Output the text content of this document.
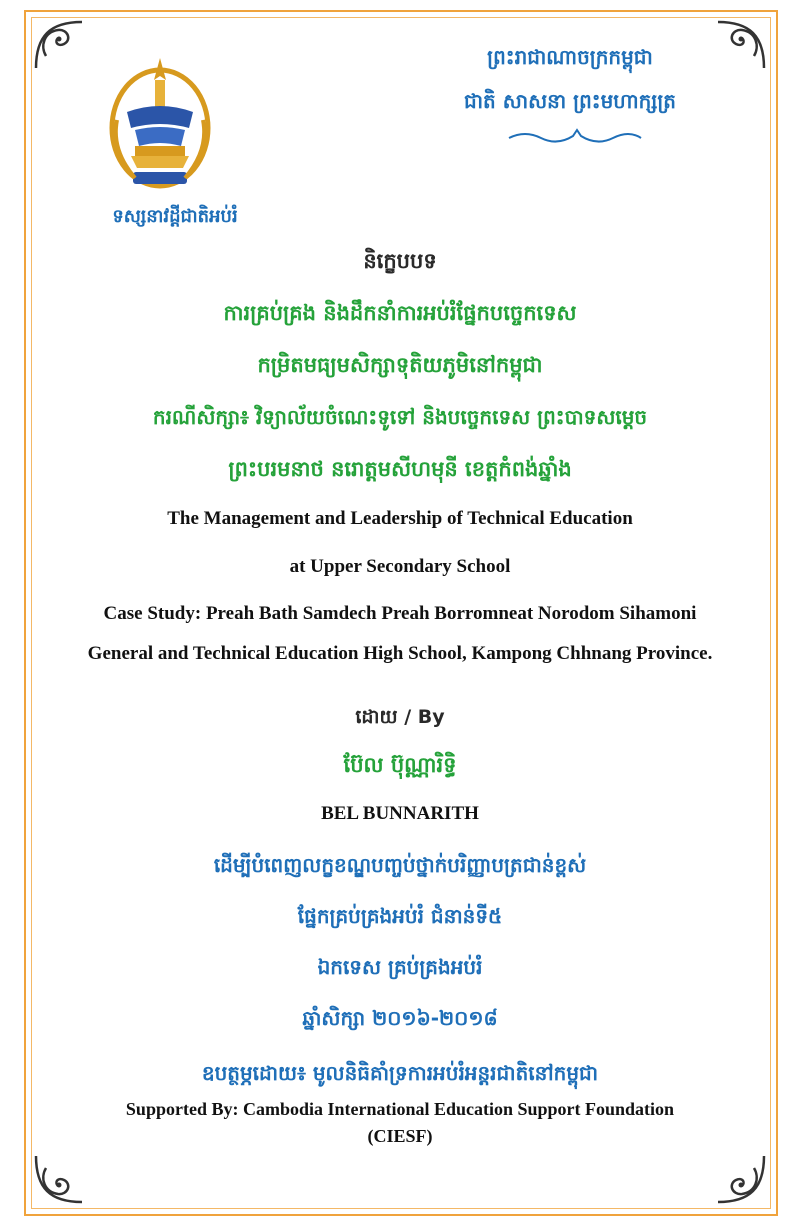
ព្រះរាជាណាចក្រកម្ពុជា
ជាតិ សាសនា ព្រះមហាក្សត្រ
ទស្សនាវដ្តីជាតិអប់រំ
និក្ខេបបទ
ការគ្រប់គ្រង និងដឹកនាំការអប់រំផ្នែកបច្ចេកទេស
កម្រិតមធ្យមសិក្សាទុតិយភូមិនៅកម្ពុជា
ករណីសិក្សា៖ វិទ្យាល័យចំណេះទូទៅ និងបច្ចេកទេស ព្រះបាទសម្តេច
ព្រះបរមនាថ នរោត្តមសីហមុនី ខេត្តកំពង់ឆ្នាំង
The Management and Leadership of Technical Education
at Upper Secondary School
Case Study: Preah Bath Samdech Preah Borromneat Norodom Sihamoni
General and Technical Education High School, Kampong Chhnang Province.
ដោយ / By
ប៊ែល ប៊ុណ្ណារិទ្ធិ
BEL BUNNARITH
ដើម្បីបំពេញលក្ខខណ្ឌបញ្ចប់ថ្នាក់បរិញ្ញាបត្រជាន់ខ្ពស់
ផ្នែកគ្រប់គ្រងអប់រំ ជំនាន់ទី៥
ឯកទេស គ្រប់គ្រងអប់រំ
ឆ្នាំសិក្សា ២០១៦-២០១៨
ឧបត្ថម្ភដោយ៖ មូលនិធិគាំទ្រការអប់រំអន្តរជាតិនៅកម្ពុជា
Supported By: Cambodia International Education Support Foundation
(CIESF)
